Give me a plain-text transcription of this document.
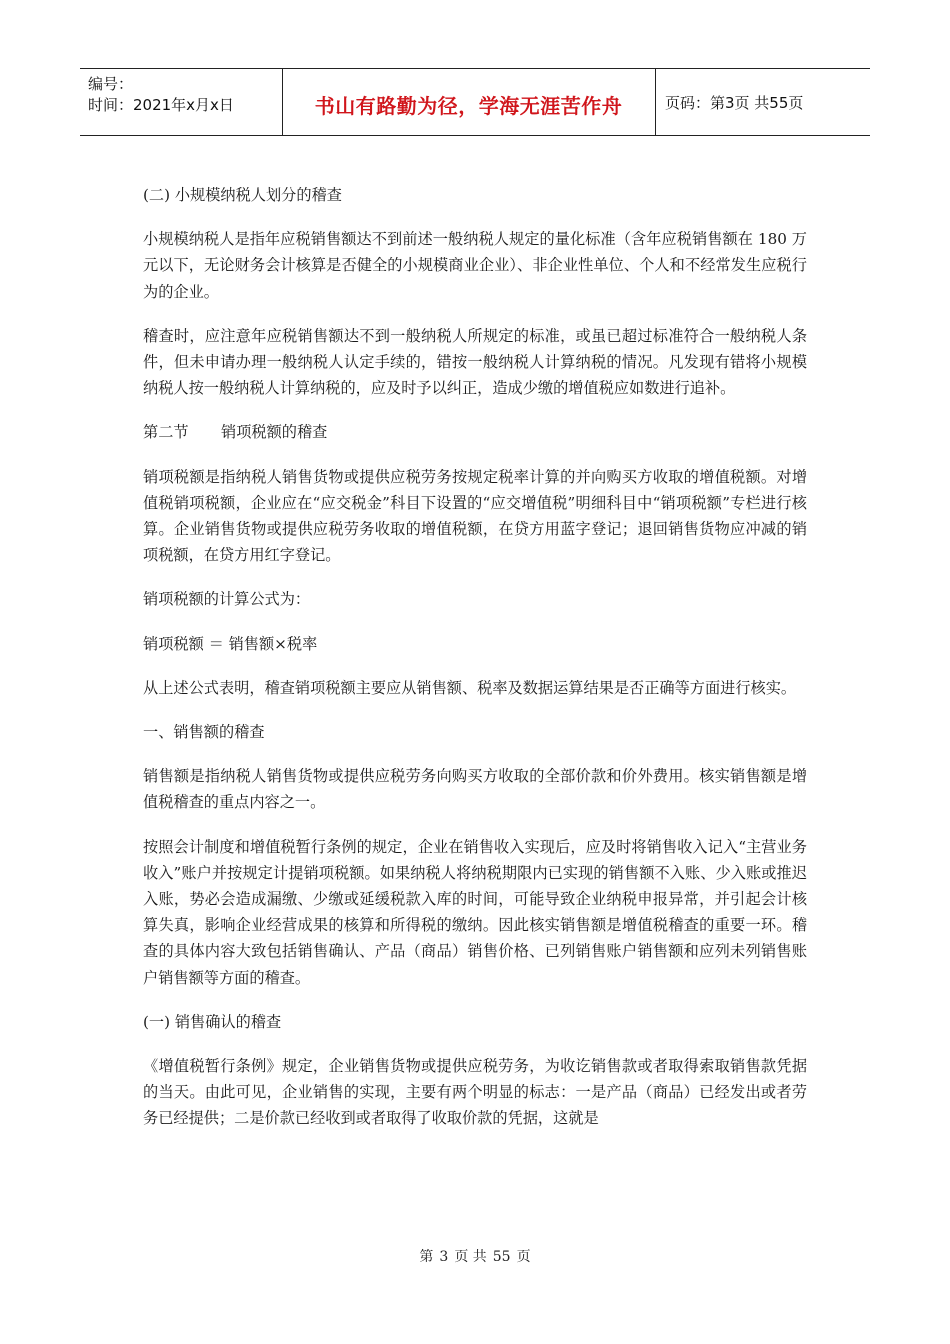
编号：
时间：2021年x月x日	书山有路勤为径，学海无涯苦作舟	页码：第3页 共55页

(二) 小规模纳税人划分的稽查

小规模纳税人是指年应税销售额达不到前述一般纳税人规定的量化标准（含年应税销售额在 180 万元以下，无论财务会计核算是否健全的小规模商业企业）、非企业性单位、个人和不经常发生应税行为的企业。

稽查时，应注意年应税销售额达不到一般纳税人所规定的标准，或虽已超过标准符合一般纳税人条件，但未申请办理一般纳税人认定手续的，错按一般纳税人计算纳税的情况。凡发现有错将小规模纳税人按一般纳税人计算纳税的，应及时予以纠正，造成少缴的增值税应如数进行追补。

第二节 销项税额的稽查

销项税额是指纳税人销售货物或提供应税劳务按规定税率计算的并向购买方收取的增值税额。对增值税销项税额，企业应在“应交税金”科目下设置的“应交增值税”明细科目中“销项税额”专栏进行核算。企业销售货物或提供应税劳务收取的增值税额，在贷方用蓝字登记；退回销售货物应冲减的销项税额，在贷方用红字登记。

销项税额的计算公式为：

销项税额 ＝ 销售额×税率

从上述公式表明，稽查销项税额主要应从销售额、税率及数据运算结果是否正确等方面进行核实。

一、销售额的稽查

销售额是指纳税人销售货物或提供应税劳务向购买方收取的全部价款和价外费用。核实销售额是增值税稽查的重点内容之一。

按照会计制度和增值税暂行条例的规定，企业在销售收入实现后，应及时将销售收入记入“主营业务收入”账户并按规定计提销项税额。如果纳税人将纳税期限内已实现的销售额不入账、少入账或推迟入账，势必会造成漏缴、少缴或延缓税款入库的时间，可能导致企业纳税申报异常，并引起会计核算失真，影响企业经营成果的核算和所得税的缴纳。因此核实销售额是增值税稽查的重要一环。稽查的具体内容大致包括销售确认、产品（商品）销售价格、已列销售账户销售额和应列未列销售账户销售额等方面的稽查。

(一) 销售确认的稽查

《增值税暂行条例》规定，企业销售货物或提供应税劳务，为收讫销售款或者取得索取销售款凭据的当天。由此可见，企业销售的实现，主要有两个明显的标志：一是产品（商品）已经发出或者劳务已经提供；二是价款已经收到或者取得了收取价款的凭据，这就是

第 3 页 共 55 页
